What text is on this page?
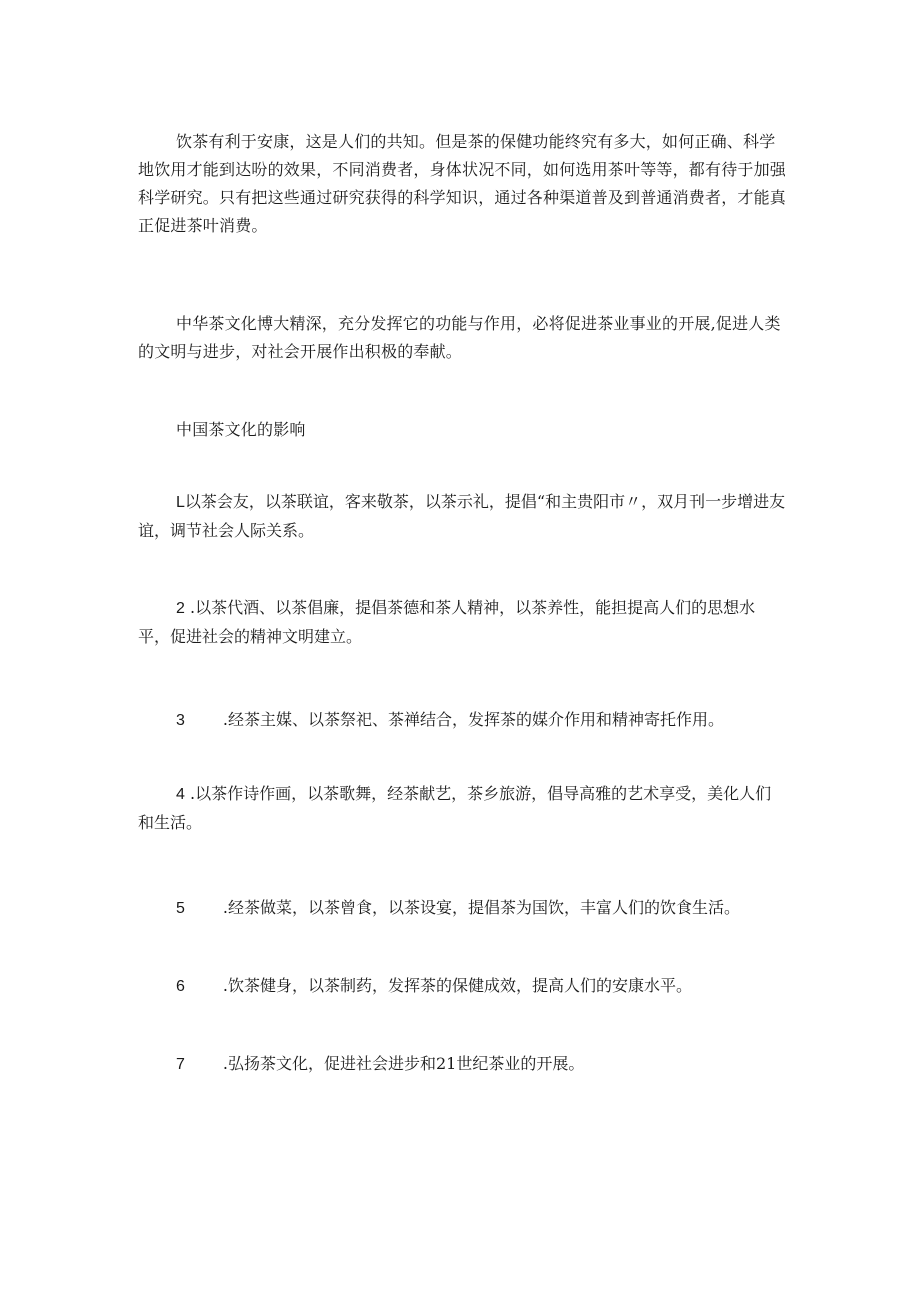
饮茶有利于安康，这是人们的共知。但是茶的保健功能终究有多大，如何正确、科学地饮用才能到达吩的效果，不同消费者，身体状况不同，如何选用茶叶等等，都有待于加强科学研究。只有把这些通过研究获得的科学知识，通过各种渠道普及到普通消费者，才能真正促进茶叶消费。

中华茶文化博大精深，充分发挥它的功能与作用，必将促进茶业事业的开展,促进人类的文明与进步，对社会开展作出积极的奉献。

中国茶文化的影响

L以茶会友，以茶联谊，客来敬茶，以茶示礼，提倡“和主贵阳市〃，双月刊一步增进友谊，调节社会人际关系。

2 .以茶代酒、以茶倡廉，提倡茶德和茶人精神，以茶养性，能担提高人们的思想水平，促进社会的精神文明建立。

3 .经茶主媒、以茶祭祀、茶禅结合，发挥茶的媒介作用和精神寄托作用。

4 .以茶作诗作画，以茶歌舞，经茶献艺，茶乡旅游，倡导高雅的艺术享受，美化人们和生活。

5 .经茶做菜，以茶曾食，以茶设宴，提倡茶为国饮，丰富人们的饮食生活。

6 .饮茶健身，以茶制药，发挥茶的保健成效，提高人们的安康水平。

7 .弘扬茶文化，促进社会进步和21世纪茶业的开展。
